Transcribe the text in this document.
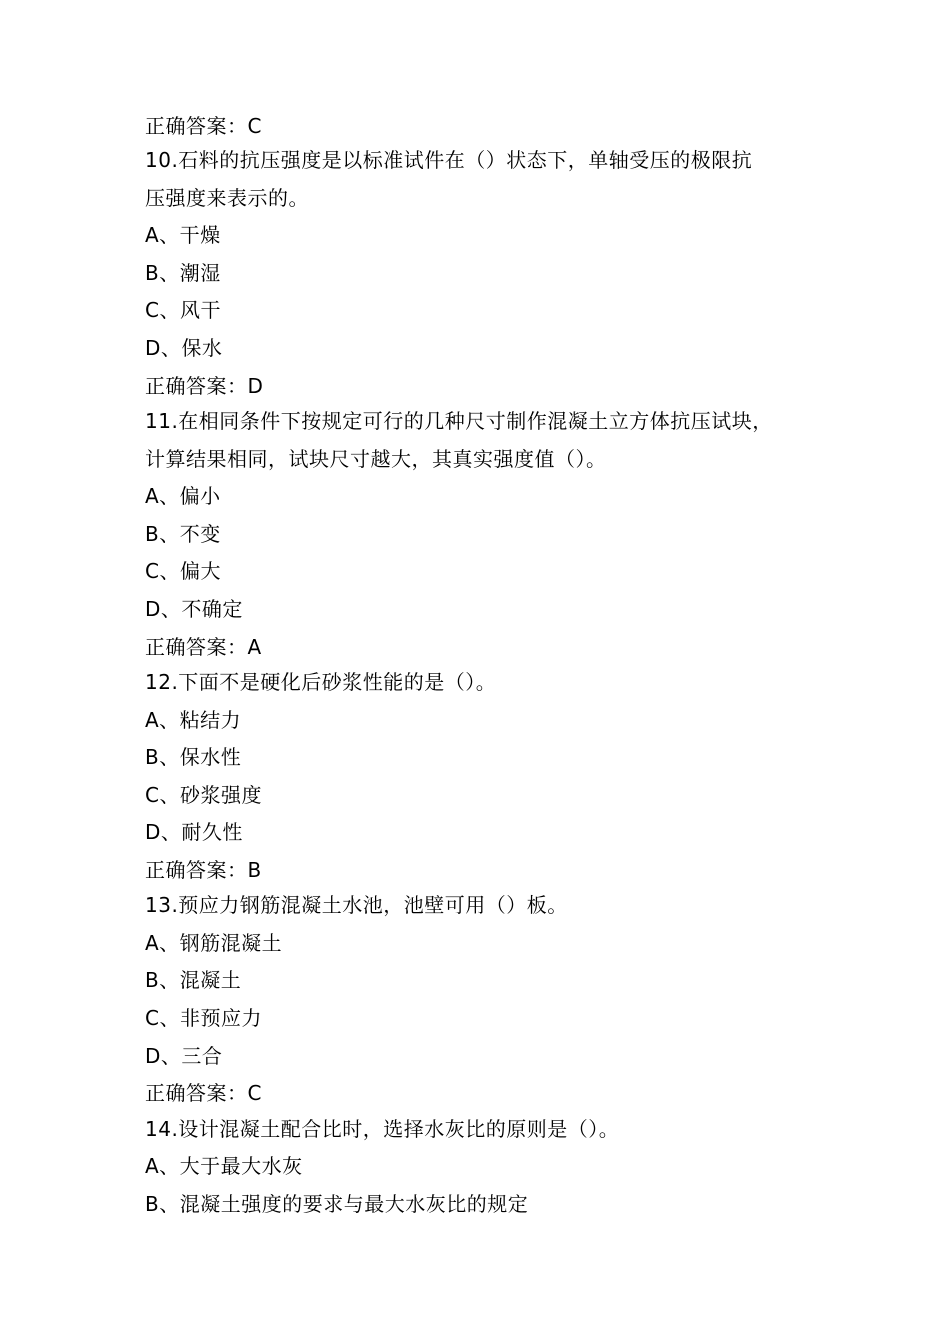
正确答案：C
10.石料的抗压强度是以标准试件在（）状态下，单轴受压的极限抗
压强度来表示的。
A、干燥
B、潮湿
C、风干
D、保水
正确答案：D
11.在相同条件下按规定可行的几种尺寸制作混凝土立方体抗压试块，
计算结果相同，试块尺寸越大，其真实强度值（）。
A、偏小
B、不变
C、偏大
D、不确定
正确答案：A
12.下面不是硬化后砂浆性能的是（）。
A、粘结力
B、保水性
C、砂浆强度
D、耐久性
正确答案：B
13.预应力钢筋混凝土水池，池壁可用（）板。
A、钢筋混凝土
B、混凝土
C、非预应力
D、三合
正确答案：C
14.设计混凝土配合比时，选择水灰比的原则是（）。
A、大于最大水灰
B、混凝土强度的要求与最大水灰比的规定
